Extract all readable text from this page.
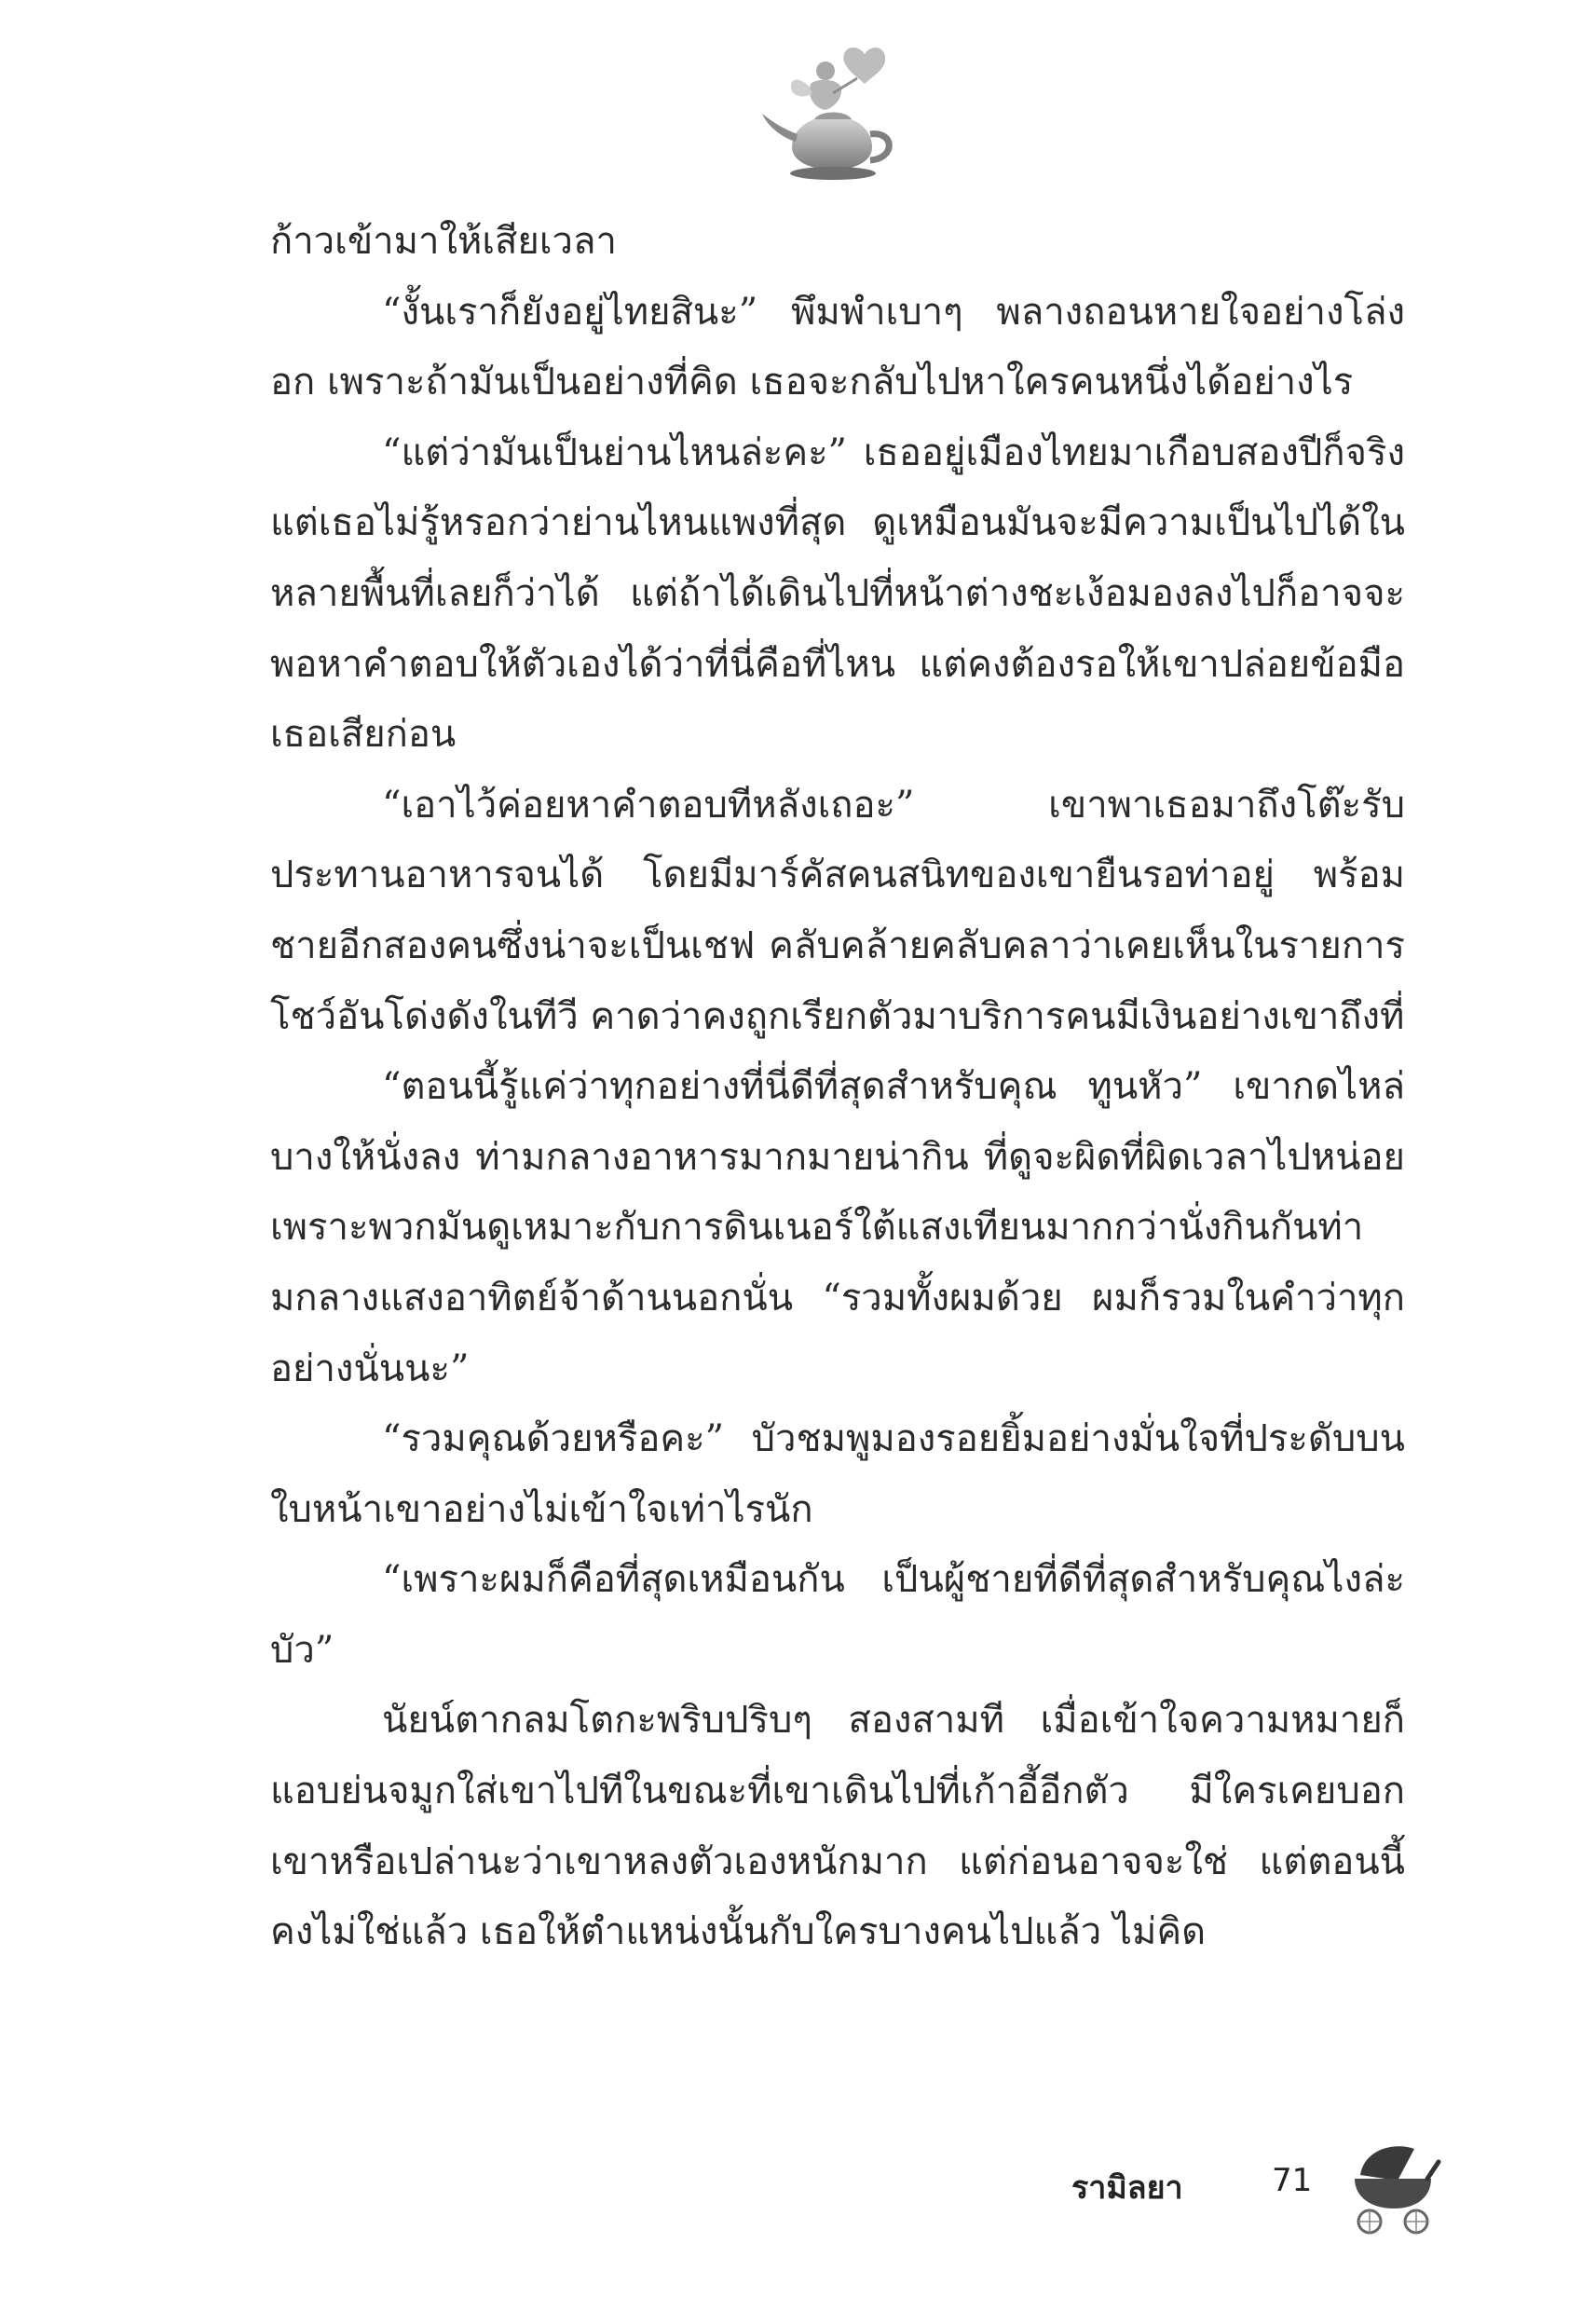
ก้าวเข้ามาให้เสียเวลา

“งั้นเราก็ยังอยู่ไทยสินะ” พึมพำเบาๆ พลางถอนหายใจอย่างโล่งอก เพราะถ้ามันเป็นอย่างที่คิด เธอจะกลับไปหาใครคนหนึ่งได้อย่างไร

“แต่ว่ามันเป็นย่านไหนล่ะคะ” เธออยู่เมืองไทยมาเกือบสองปีก็จริง แต่เธอไม่รู้หรอกว่าย่านไหนแพงที่สุด ดูเหมือนมันจะมีความเป็นไปได้ในหลายพื้นที่เลยก็ว่าได้ แต่ถ้าได้เดินไปที่หน้าต่างชะเง้อมองลงไปก็อาจจะพอหาคำตอบให้ตัวเองได้ว่าที่นี่คือที่ไหน แต่คงต้องรอให้เขาปล่อยข้อมือเธอเสียก่อน

“เอาไว้ค่อยหาคำตอบทีหลังเถอะ” เขาพาเธอมาถึงโต๊ะรับประทานอาหารจนได้ โดยมีมาร์คัสคนสนิทของเขายืนรอท่าอยู่ พร้อมชายอีกสองคนซึ่งน่าจะเป็นเชฟ คลับคล้ายคลับคลาว่าเคยเห็นในรายการโชว์อันโด่งดังในทีวี คาดว่าคงถูกเรียกตัวมาบริการคนมีเงินอย่างเขาถึงที่

“ตอนนี้รู้แค่ว่าทุกอย่างที่นี่ดีที่สุดสำหรับคุณ ทูนหัว” เขากดไหล่บางให้นั่งลง ท่ามกลางอาหารมากมายน่ากิน ที่ดูจะผิดที่ผิดเวลาไปหน่อย เพราะพวกมันดูเหมาะกับการดินเนอร์ใต้แสงเทียนมากกว่านั่งกินกันท่ามกลางแสงอาทิตย์จ้าด้านนอกนั่น “รวมทั้งผมด้วย ผมก็รวมในคำว่าทุกอย่างนั่นนะ”

“รวมคุณด้วยหรือคะ” บัวชมพูมองรอยยิ้มอย่างมั่นใจที่ประดับบนใบหน้าเขาอย่างไม่เข้าใจเท่าไรนัก

“เพราะผมก็คือที่สุดเหมือนกัน เป็นผู้ชายที่ดีที่สุดสำหรับคุณไงล่ะบัว”

นัยน์ตากลมโตกะพริบปริบๆ สองสามที เมื่อเข้าใจความหมายก็แอบย่นจมูกใส่เขาไปทีในขณะที่เขาเดินไปที่เก้าอี้อีกตัว มีใครเคยบอกเขาหรือเปล่านะว่าเขาหลงตัวเองหนักมาก แต่ก่อนอาจจะใช่ แต่ตอนนี้คงไม่ใช่แล้ว เธอให้ตำแหน่งนั้นกับใครบางคนไปแล้ว ไม่คิด

รามิลยา	71
